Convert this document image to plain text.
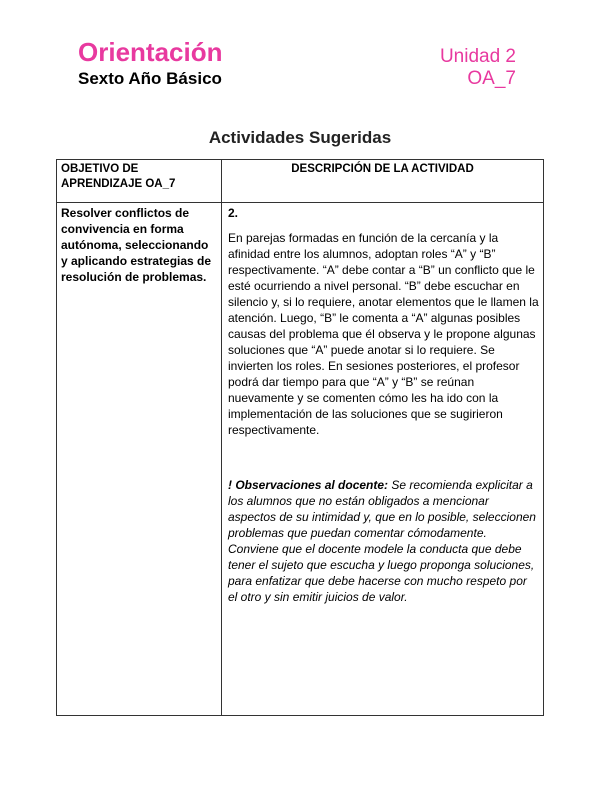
Orientación
Sexto Año Básico
Unidad 2
OA_7
Actividades Sugeridas
OBJETIVO DE APRENDIZAJE OA_7	DESCRIPCIÓN DE LA ACTIVIDAD
Resolver conflictos de convivencia en forma autónoma, seleccionando y aplicando estrategias de resolución de problemas.	2.

En parejas formadas en función de la cercanía y la afinidad entre los alumnos, adoptan roles “A” y “B” respectivamente. “A” debe contar a “B” un conflicto que le esté ocurriendo a nivel personal. “B” debe escuchar en silencio y, si lo requiere, anotar elementos que le llamen la atención. Luego, “B” le comenta a “A” algunas posibles causas del problema que él observa y le propone algunas soluciones que “A” puede anotar si lo requiere. Se invierten los roles. En sesiones posteriores, el profesor podrá dar tiempo para que “A” y “B” se reúnan nuevamente y se comenten cómo les ha ido con la implementación de las soluciones que se sugirieron respectivamente.

! Observaciones al docente: Se recomienda explicitar a los alumnos que no están obligados a mencionar aspectos de su intimidad y, que en lo posible, seleccionen problemas que puedan comentar cómodamente. Conviene que el docente modele la conducta que debe tener el sujeto que escucha y luego proponga soluciones, para enfatizar que debe hacerse con mucho respeto por el otro y sin emitir juicios de valor.
